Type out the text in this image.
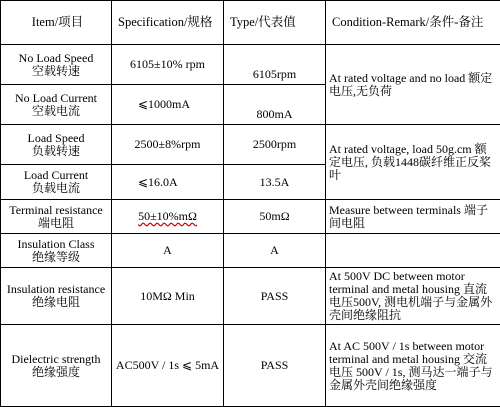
Item/项目	Specification/规格	Type/代表值	Condition-Remark/条件-备注

No Load Speed
空载转速	6105±10% rpm	6105rpm	At rated voltage and no load 额定电压,无负荷

No Load Current
空载电流	⩽1000mA	800mA	

Load Speed
负载转速	2500±8%rpm	2500rpm	At rated voltage, load 50g.cm 额定电压, 负载1448碳纤维正反桨叶

Load Current
负载电流	⩽16.0A	13.5A	

Terminal resistance
端电阻	50±10%mΩ	50mΩ	Measure between terminals 端子间电阻

Insulation Class
绝缘等级	A	A	

Insulation resistance
绝缘电阻	10MΩ Min	PASS	At 500V DC between motor terminal and metal housing 直流电压500V, 测电机端子与金属外壳间绝缘阻抗

Dielectric strength
绝缘强度	AC500V / 1s ⩽ 5mA	PASS	At AC 500V / 1s between motor terminal and metal housing 交流电压 500V / 1s, 测马达一端子与金属外壳间绝缘强度
